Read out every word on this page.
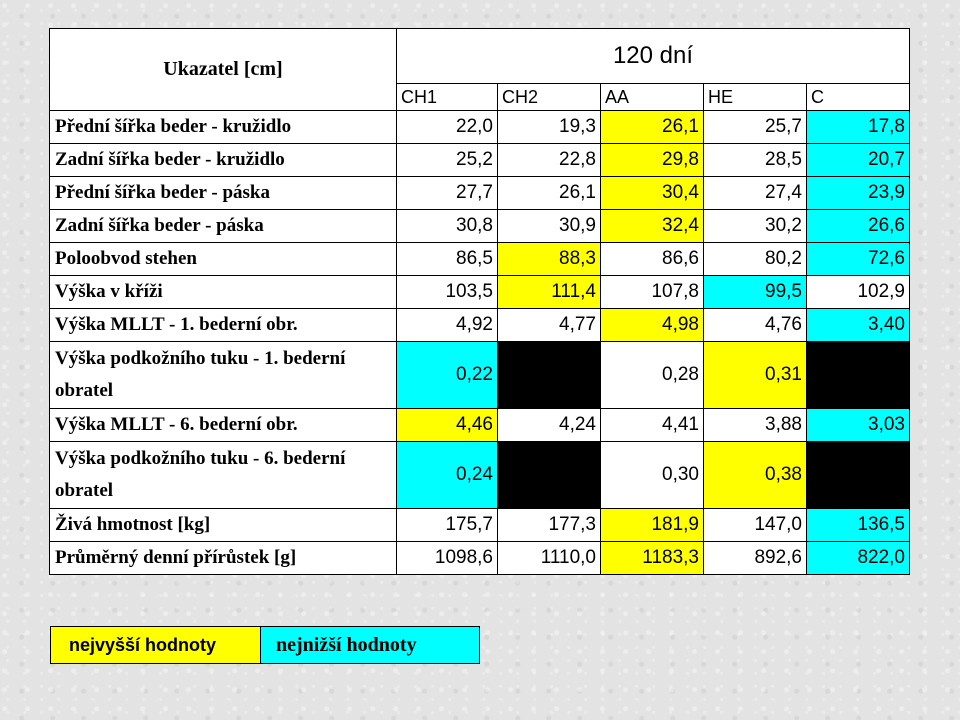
Ukazatel [cm]	120 dní				
	CH1	CH2	AA	HE	C
Přední šířka beder - kružidlo	22,0	19,3	26,1	25,7	17,8
Zadní šířka beder - kružidlo	25,2	22,8	29,8	28,5	20,7
Přední šířka beder - páska	27,7	26,1	30,4	27,4	23,9
Zadní šířka beder - páska	30,8	30,9	32,4	30,2	26,6
Poloobvod stehen	86,5	88,3	86,6	80,2	72,6
Výška v kříži	103,5	111,4	107,8	99,5	102,9
Výška MLLT - 1. bederní obr.	4,92	4,77	4,98	4,76	3,40
Výška podkožního tuku - 1. bederní obratel	0,22		0,28	0,31	
Výška MLLT - 6. bederní obr.	4,46	4,24	4,41	3,88	3,03
Výška podkožního tuku - 6. bederní obratel	0,24		0,30	0,38	
Živá hmotnost [kg]	175,7	177,3	181,9	147,0	136,5
Průměrný denní přírůstek [g]	1098,6	1110,0	1183,3	892,6	822,0
nejvyšší hodnoty	nejnižší hodnoty
